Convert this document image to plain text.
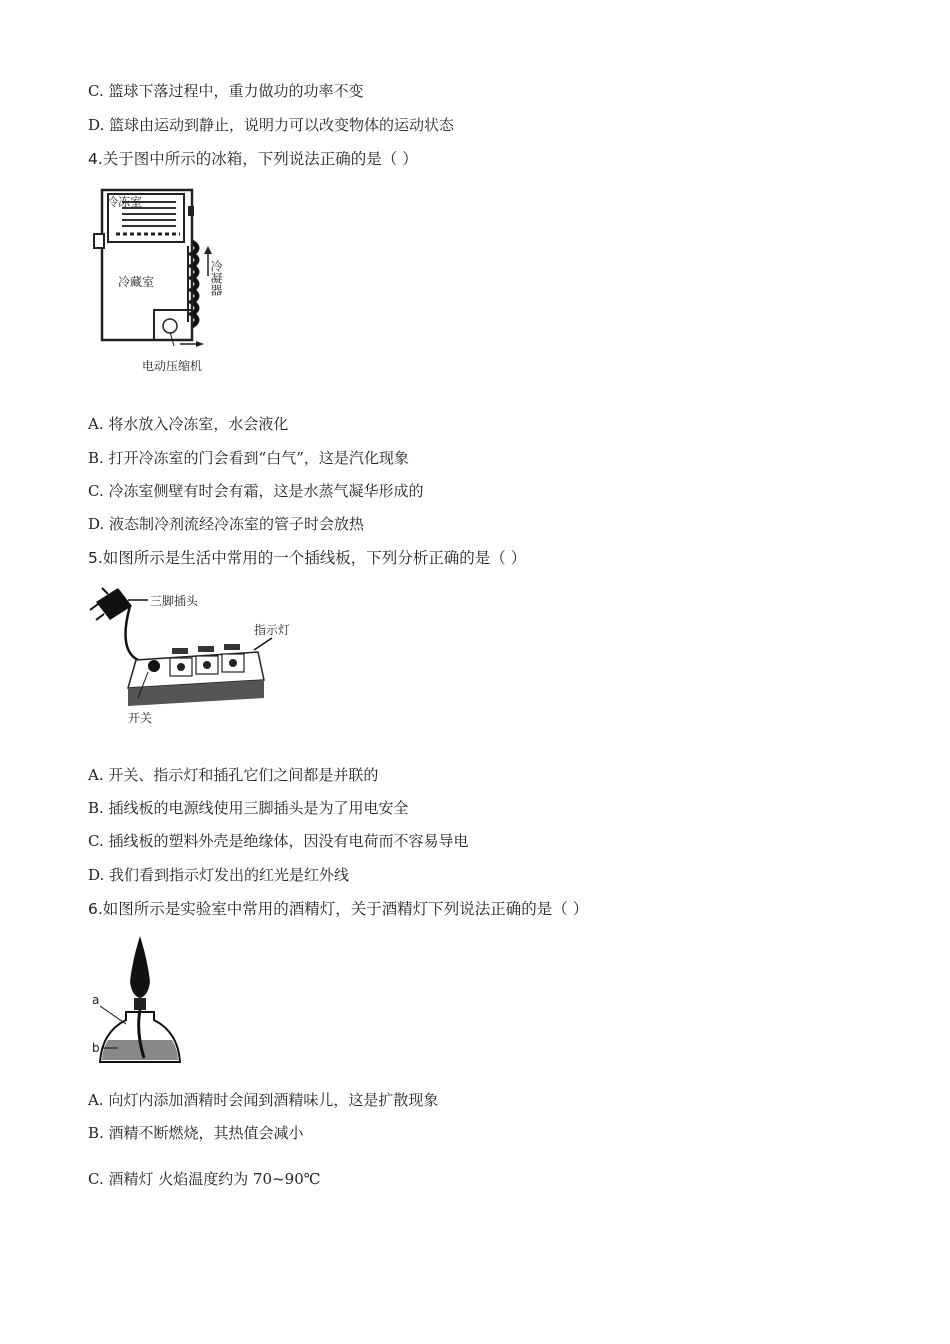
C. 篮球下落过程中，重力做功的功率不变
D. 篮球由运动到静止，说明力可以改变物体的运动状态
4.关于图中所示的冰箱，下列说法正确的是（ ）
冷冻室
冷凝器
冷藏室
电动压缩机
A. 将水放入冷冻室，水会液化
B. 打开冷冻室的门会看到“白气”，这是汽化现象
C. 冷冻室侧壁有时会有霜，这是水蒸气凝华形成的
D. 液态制冷剂流经冷冻室的管子时会放热
5.如图所示是生活中常用的一个插线板，下列分析正确的是（ ）
三脚插头
指示灯
开关
A. 开关、指示灯和插孔它们之间都是并联的
B. 插线板的电源线使用三脚插头是为了用电安全
C. 插线板的塑料外壳是绝缘体，因没有电荷而不容易导电
D. 我们看到指示灯发出的红光是红外线
6.如图所示是实验室中常用的酒精灯，关于酒精灯下列说法正确的是（ ）
a
b
A. 向灯内添加酒精时会闻到酒精味儿，这是扩散现象
B. 酒精不断燃烧，其热值会减小
C. 酒精灯 火焰温度约为 70~90℃
